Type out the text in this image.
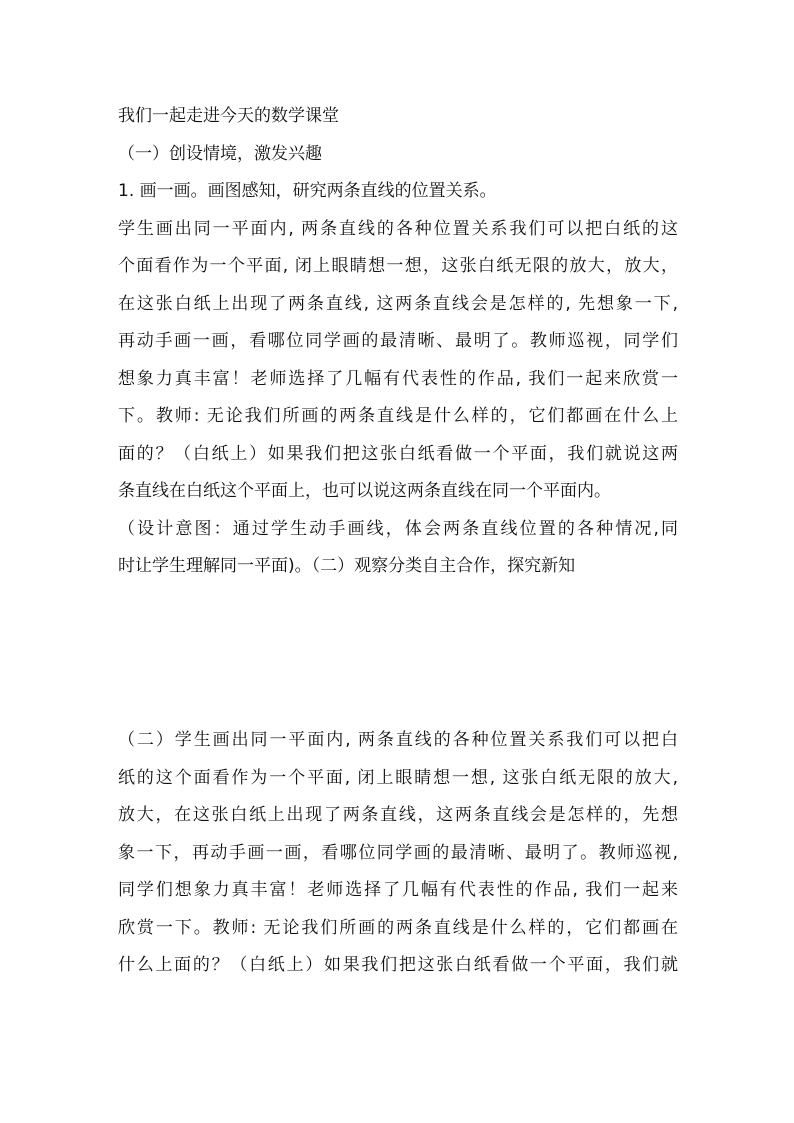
我们一起走进今天的数学课堂
（一）创设情境，激发兴趣
1. 画一画。画图感知，研究两条直线的位置关系。
学生画出同一平面内, 两条直线的各种位置关系我们可以把白纸的这
个面看作为一个平面, 闭上眼睛想一想，这张白纸无限的放大，放大，
在这张白纸上出现了两条直线, 这两条直线会是怎样的, 先想象一下,
再动手画一画，看哪位同学画的最清晰、最明了。教师巡视，同学们
想象力真丰富！老师选择了几幅有代表性的作品, 我们一起来欣赏一
下。教师: 无论我们所画的两条直线是什么样的，它们都画在什么上
面的？（白纸上）如果我们把这张白纸看做一个平面，我们就说这两
条直线在白纸这个平面上，也可以说这两条直线在同一个平面内。
（设计意图：通过学生动手画线，体会两条直线位置的各种情况,同
时让学生理解同一平面)。（二）观察分类自主合作，探究新知
（二）学生画出同一平面内, 两条直线的各种位置关系我们可以把白
纸的这个面看作为一个平面, 闭上眼睛想一想, 这张白纸无限的放大,
放大，在这张白纸上出现了两条直线，这两条直线会是怎样的，先想
象一下，再动手画一画，看哪位同学画的最清晰、最明了。教师巡视,
同学们想象力真丰富！老师选择了几幅有代表性的作品, 我们一起来
欣赏一下。教师: 无论我们所画的两条直线是什么样的，它们都画在
什么上面的？（白纸上）如果我们把这张白纸看做一个平面，我们就
